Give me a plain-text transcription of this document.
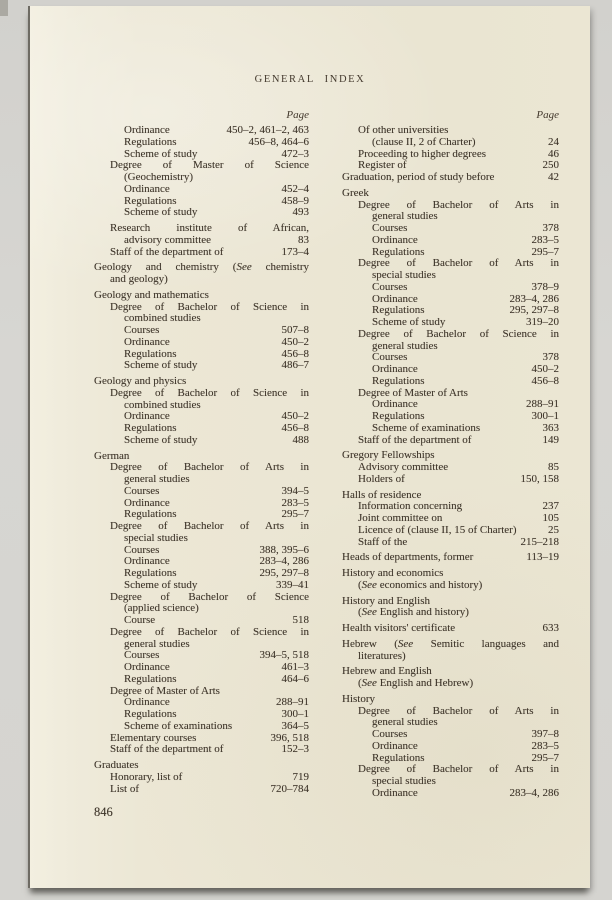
GENERAL INDEX
Page	Page
Ordinance	450–2, 461–2, 463
Regulations	456–8, 464–6
Scheme of study	472–3
Degree of Master of Science
(Geochemistry)
Ordinance	452–4
Regulations	458–9
Scheme of study	493
Research institute of African,
advisory committee	83
Staff of the department of	173–4
Geology and chemistry (See chemistry
and geology)
Geology and mathematics
Degree of Bachelor of Science in
combined studies
Courses	507–8
Ordinance	450–2
Regulations	456–8
Scheme of study	486–7
Geology and physics
Degree of Bachelor of Science in
combined studies
Ordinance	450–2
Regulations	456–8
Scheme of study	488
German
Degree of Bachelor of Arts in
general studies
Courses	394–5
Ordinance	283–5
Regulations	295–7
Degree of Bachelor of Arts in
special studies
Courses	388, 395–6
Ordinance	283–4, 286
Regulations	295, 297–8
Scheme of study	339–41
Degree of Bachelor of Science
(applied science)
Course	518
Degree of Bachelor of Science in
general studies
Courses	394–5, 518
Ordinance	461–3
Regulations	464–6
Degree of Master of Arts
Ordinance	288–91
Regulations	300–1
Scheme of examinations	364–5
Elementary courses	396, 518
Staff of the department of	152–3
Graduates
Honorary, list of	719
List of	720–784
Of other universities
(clause II, 2 of Charter)	24
Proceeding to higher degrees	46
Register of	250
Graduation, period of study before	42
Greek
Degree of Bachelor of Arts in
general studies
Courses	378
Ordinance	283–5
Regulations	295–7
Degree of Bachelor of Arts in
special studies
Courses	378–9
Ordinance	283–4, 286
Regulations	295, 297–8
Scheme of study	319–20
Degree of Bachelor of Science in
general studies
Courses	378
Ordinance	450–2
Regulations	456–8
Degree of Master of Arts
Ordinance	288–91
Regulations	300–1
Scheme of examinations	363
Staff of the department of	149
Gregory Fellowships
Advisory committee	85
Holders of	150, 158
Halls of residence
Information concerning	237
Joint committee on	105
Licence of (clause II, 15 of Charter)	25
Staff of the	215–218
Heads of departments, former	113–19
History and economics
(See economics and history)
History and English
(See English and history)
Health visitors' certificate	633
Hebrew (See Semitic languages and
literatures)
Hebrew and English
(See English and Hebrew)
History
Degree of Bachelor of Arts in
general studies
Courses	397–8
Ordinance	283–5
Regulations	295–7
Degree of Bachelor of Arts in
special studies
Ordinance	283–4, 286
846
